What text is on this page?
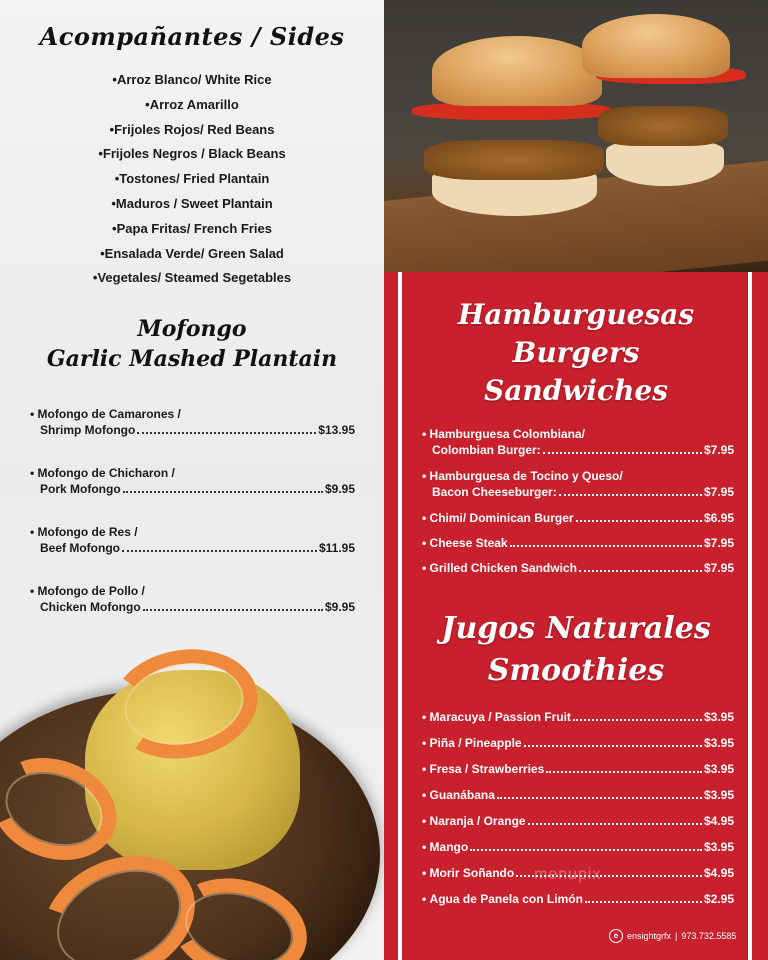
Acompañantes / Sides
• Arroz Blanco/ White Rice
• Arroz Amarillo
• Frijoles Rojos/ Red Beans
• Frijoles Negros / Black Beans
• Tostones/ Fried Plantain
• Maduros / Sweet Plantain
• Papa Fritas/ French Fries
• Ensalada Verde/ Green Salad
• Vegetales/ Steamed Segetables
Mofongo
Garlic Mashed Plantain
• Mofongo de Camarones /
Shrimp Mofongo	$13.95
• Mofongo de Chicharon /
Pork Mofongo	$9.95
• Mofongo de Res /
Beef Mofongo	$11.95
• Mofongo de Pollo /
Chicken Mofongo	$9.95
Hamburguesas
Burgers
Sandwiches
• Hamburguesa Colombiana/
Colombian Burger:	$7.95
• Hamburguesa de Tocino y Queso/
Bacon Cheeseburger:	$7.95
• Chimi/ Dominican Burger	$6.95
• Cheese Steak	$7.95
• Grilled Chicken Sandwich	$7.95
Jugos Naturales
Smoothies
• Maracuya / Passion Fruit	$3.95
• Piña / Pineapple	$3.95
• Fresa / Strawberries	$3.95
• Guanábana	$3.95
• Naranja / Orange	$4.95
• Mango	$3.95
• Morir Soñando	$4.95
• Agua de Panela con Limón	$2.95
menupix
e ensightgrfx | 973.732.5585
